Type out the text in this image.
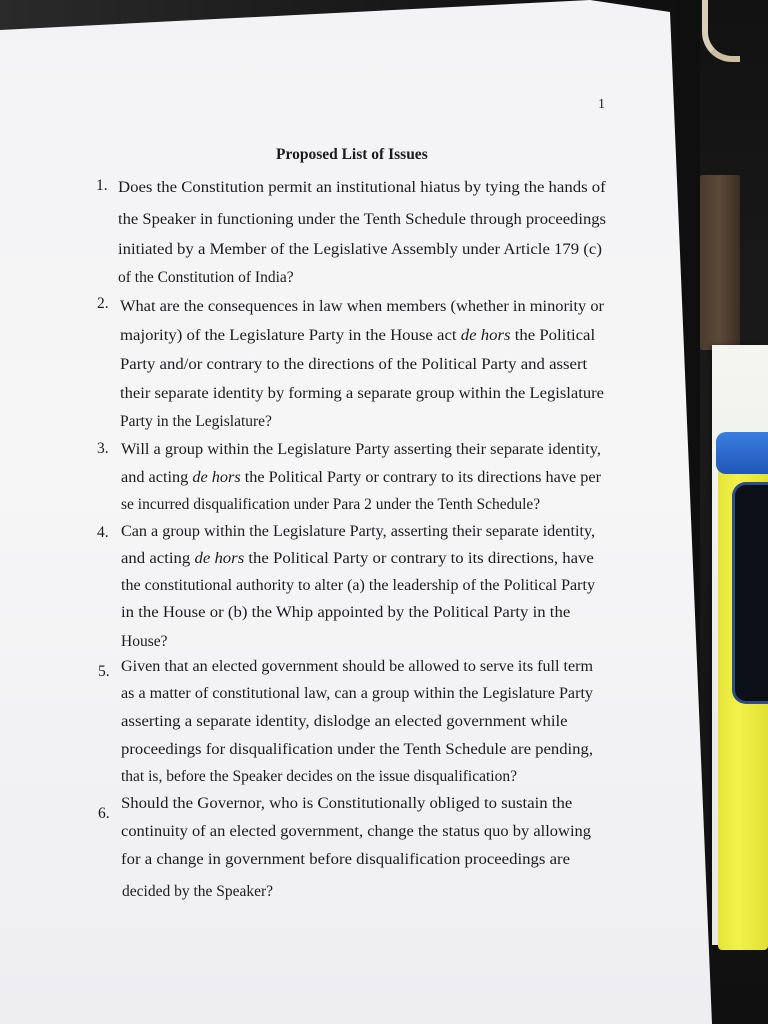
1
Proposed List of Issues
1. Does the Constitution permit an institutional hiatus by tying the hands of
the Speaker in functioning under the Tenth Schedule through proceedings
initiated by a Member of the Legislative Assembly under Article 179 (c)
of the Constitution of India?
2. What are the consequences in law when members (whether in minority or
majority) of the Legislature Party in the House act de hors the Political
Party and/or contrary to the directions of the Political Party and assert
their separate identity by forming a separate group within the Legislature
Party in the Legislature?
3. Will a group within the Legislature Party asserting their separate identity,
and acting de hors the Political Party or contrary to its directions have per
se incurred disqualification under Para 2 under the Tenth Schedule?
4. Can a group within the Legislature Party, asserting their separate identity,
and acting de hors the Political Party or contrary to its directions, have
the constitutional authority to alter (a) the leadership of the Political Party
in the House or (b) the Whip appointed by the Political Party in the
House?
5. Given that an elected government should be allowed to serve its full term
as a matter of constitutional law, can a group within the Legislature Party
asserting a separate identity, dislodge an elected government while
proceedings for disqualification under the Tenth Schedule are pending,
that is, before the Speaker decides on the issue disqualification?
6.
Should the Governor, who is Constitutionally obliged to sustain the
continuity of an elected government, change the status quo by allowing
for a change in government before disqualification proceedings are
decided by the Speaker?
